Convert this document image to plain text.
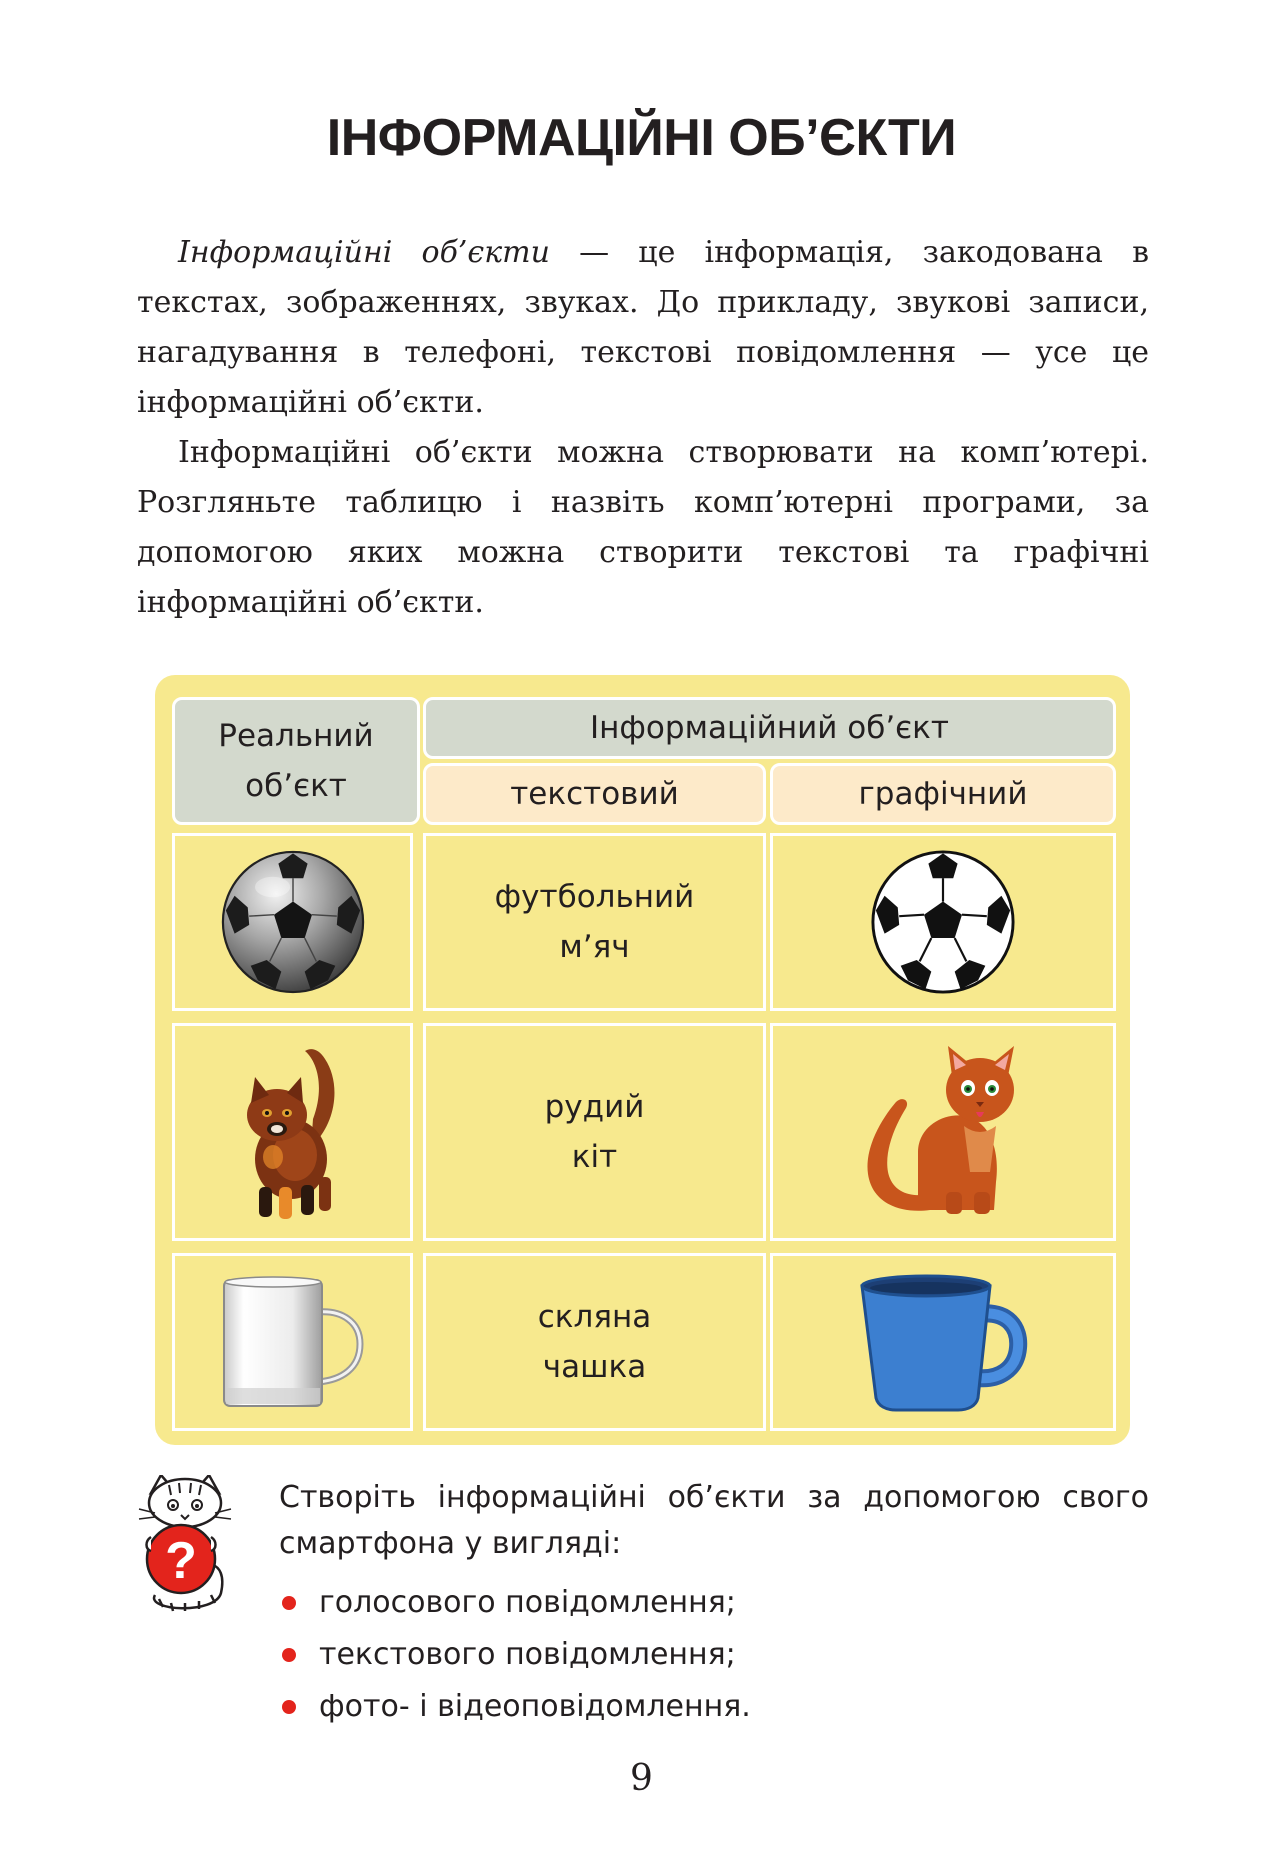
ІНФОРМАЦІЙНІ ОБ’ЄКТИ

Інформаційні об’єкти — це інформація, закодована в текстах, зображеннях, звуках. До прикладу, звукові записи, нагадування в телефоні, текстові повідомлення — усе це інформаційні об’єкти.

Інформаційні об’єкти можна створювати на комп’ютері. Розгляньте таблицю і назвіть комп’ютерні програми, за допомогою яких можна створити текстові та графічні інформаційні об’єкти.

Реальний
об’єкт
Інформаційний об’єкт
текстовий	графічний
футбольний
м’яч
рудий
кіт
скляна
чашка
?
Створіть інформаційні об’єкти за допомогою свого смартфона у вигляді:
голосового повідомлення;
текстового повідомлення;
фото- і відеоповідомлення.
9
